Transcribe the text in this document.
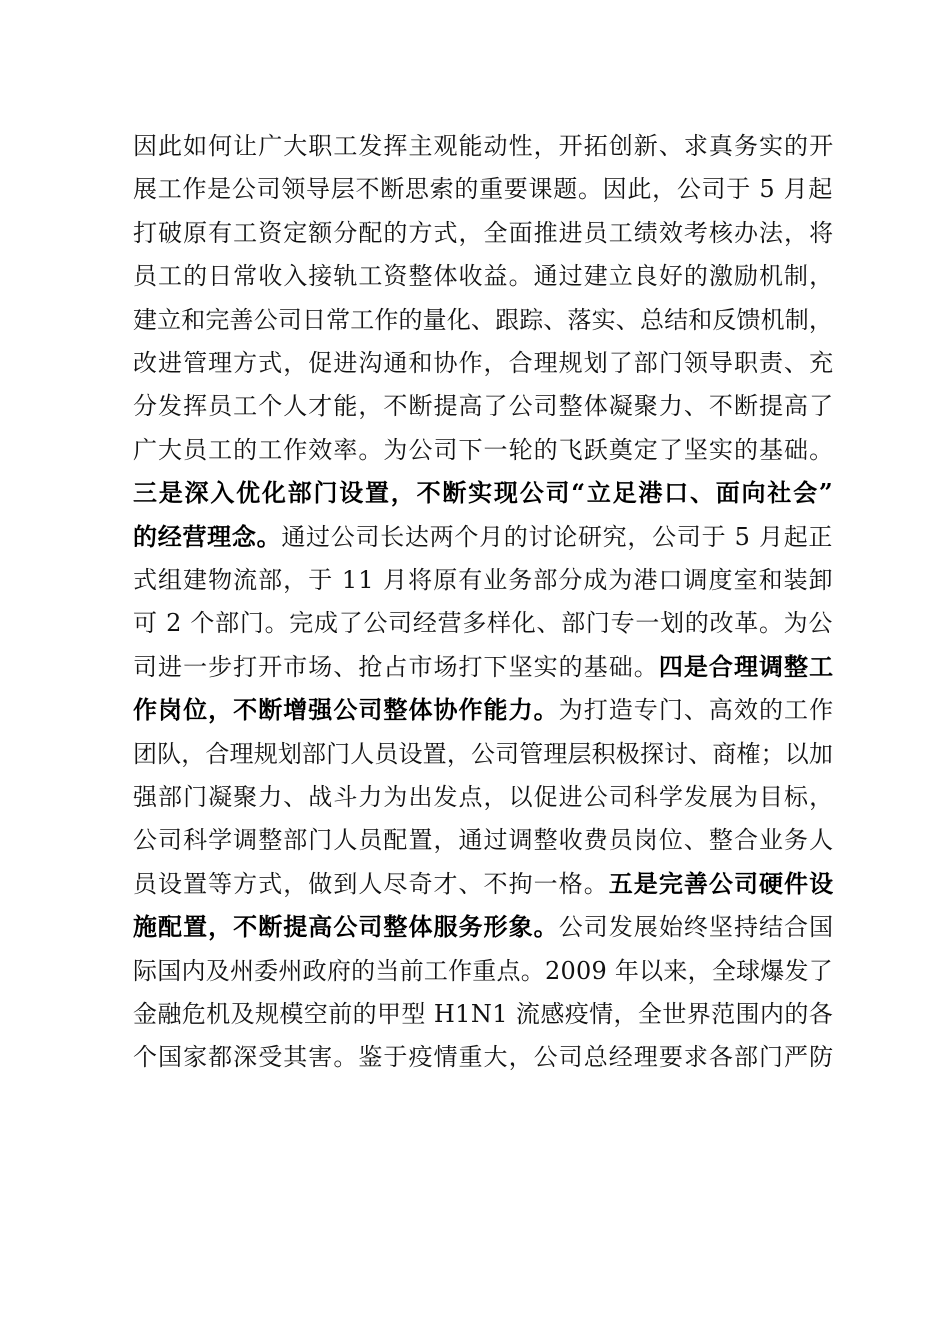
因此如何让广大职工发挥主观能动性，开拓创新、求真务实的开
展工作是公司领导层不断思索的重要课题。因此，公司于 5 月起
打破原有工资定额分配的方式，全面推进员工绩效考核办法，将
员工的日常收入接轨工资整体收益。通过建立良好的激励机制，
建立和完善公司日常工作的量化、跟踪、落实、总结和反馈机制，
改进管理方式，促进沟通和协作，合理规划了部门领导职责、充
分发挥员工个人才能，不断提高了公司整体凝聚力、不断提高了
广大员工的工作效率。为公司下一轮的飞跃奠定了坚实的基础。
三是深入优化部门设置，不断实现公司“立足港口、面向社会”
的经营理念。通过公司长达两个月的讨论研究，公司于 5 月起正
式组建物流部，于 11 月将原有业务部分成为港口调度室和装卸
可 2 个部门。完成了公司经营多样化、部门专一划的改革。为公
司进一步打开市场、抢占市场打下坚实的基础。四是合理调整工
作岗位，不断增强公司整体协作能力。为打造专门、高效的工作
团队，合理规划部门人员设置，公司管理层积极探讨、商榷；以加
强部门凝聚力、战斗力为出发点，以促进公司科学发展为目标，
公司科学调整部门人员配置，通过调整收费员岗位、整合业务人
员设置等方式，做到人尽奇才、不拘一格。五是完善公司硬件设
施配置，不断提高公司整体服务形象。公司发展始终坚持结合国
际国内及州委州政府的当前工作重点。2009 年以来，全球爆发了
金融危机及规模空前的甲型 H1N1 流感疫情，全世界范围内的各
个国家都深受其害。鉴于疫情重大，公司总经理要求各部门严防
